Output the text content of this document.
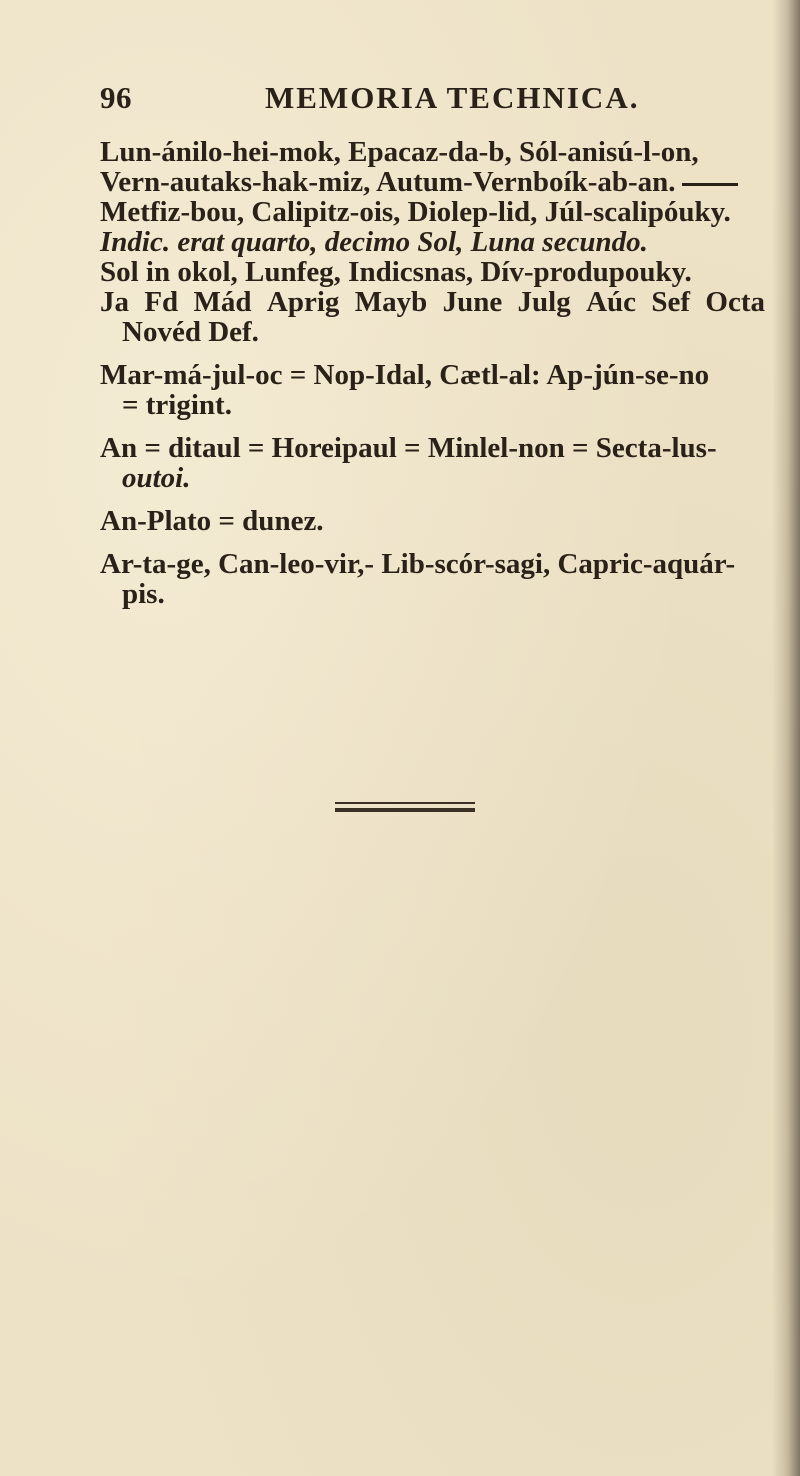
96	MEMORIA TECHNICA.
Lun-ánilo-hei-mok, Epacaz-da-b, Sól-anisú-l-on,
Vern-autaks-hak-miz, Autum-Vernboík-ab-an.
Metfiz-bou, Calipitz-ois, Diolep-lid, Júl-scalipóuky.
Indic. erat quarto, decimo Sol, Luna secundo.
Sol in okol, Lunfeg, Indicsnas, Dív-produpouky.
Ja Fd Mád Aprig Mayb June Julg Aúc Sef Octa
Novéd Def.
Mar-má-jul-oc = Nop-Idal, Cætl-al: Ap-jún-se-no
= trigint.
An = ditaul = Horeipaul = Minlel-non = Secta-lus-
outoi.
An-Plato = dunez.
Ar-ta-ge, Can-leo-vir,- Lib-scór-sagi, Capric-aquár-
pis.
